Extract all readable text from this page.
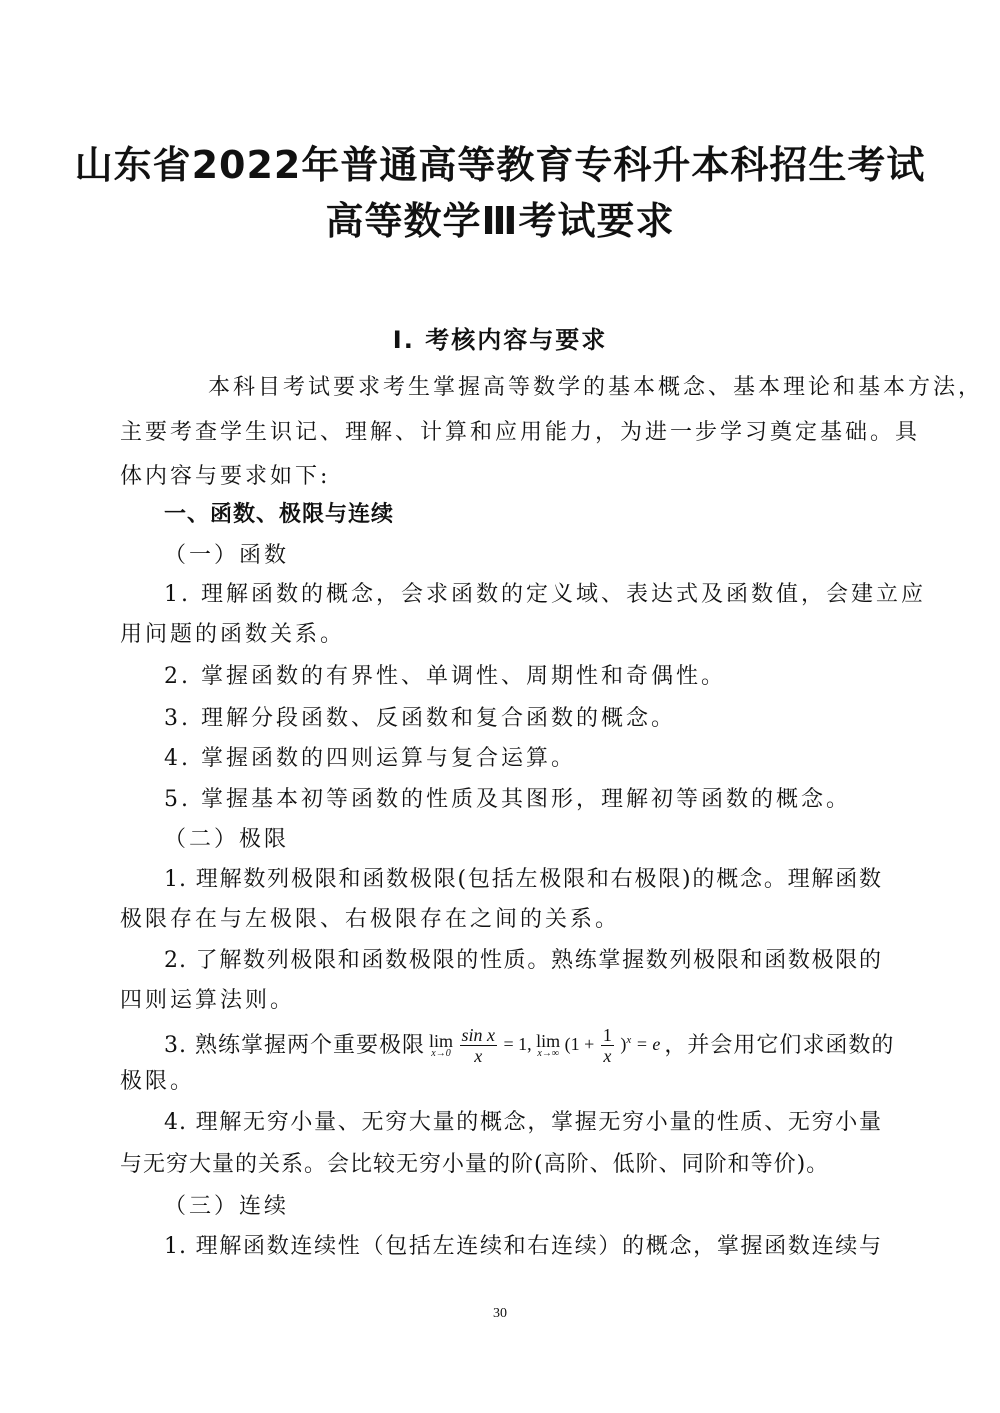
山东省2022年普通高等教育专科升本科招生考试
高等数学Ⅲ考试要求
Ⅰ. 考核内容与要求
本科目考试要求考生掌握高等数学的基本概念、基本理论和基本方法，
主要考查学生识记、理解、计算和应用能力，为进一步学习奠定基础。具
体内容与要求如下:
一、函数、极限与连续
（一）函数
1. 理解函数的概念，会求函数的定义域、表达式及函数值，会建立应
用问题的函数关系。
2. 掌握函数的有界性、单调性、周期性和奇偶性。
3. 理解分段函数、反函数和复合函数的概念。
4. 掌握函数的四则运算与复合运算。
5. 掌握基本初等函数的性质及其图形，理解初等函数的概念。
（二）极限
1. 理解数列极限和函数极限(包括左极限和右极限)的概念。理解函数
极限存在与左极限、右极限存在之间的关系。
2. 了解数列极限和函数极限的性质。熟练掌握数列极限和函数极限的
四则运算法则。
3. 熟练掌握两个重要极限 lim
x→0
$\frac{\text{sin x}}{x} = 1$, lim
x→∞ $(1 + \frac{1}{x} )^x = e$ ，并会用它们求函数的
极限。
4. 理解无穷小量、无穷大量的概念，掌握无穷小量的性质、无穷小量
与无穷大量的关系。会比较无穷小量的阶(高阶、低阶、同阶和等价)。
（三）连续
1. 理解函数连续性（包括左连续和右连续）的概念，掌握函数连续与
30
